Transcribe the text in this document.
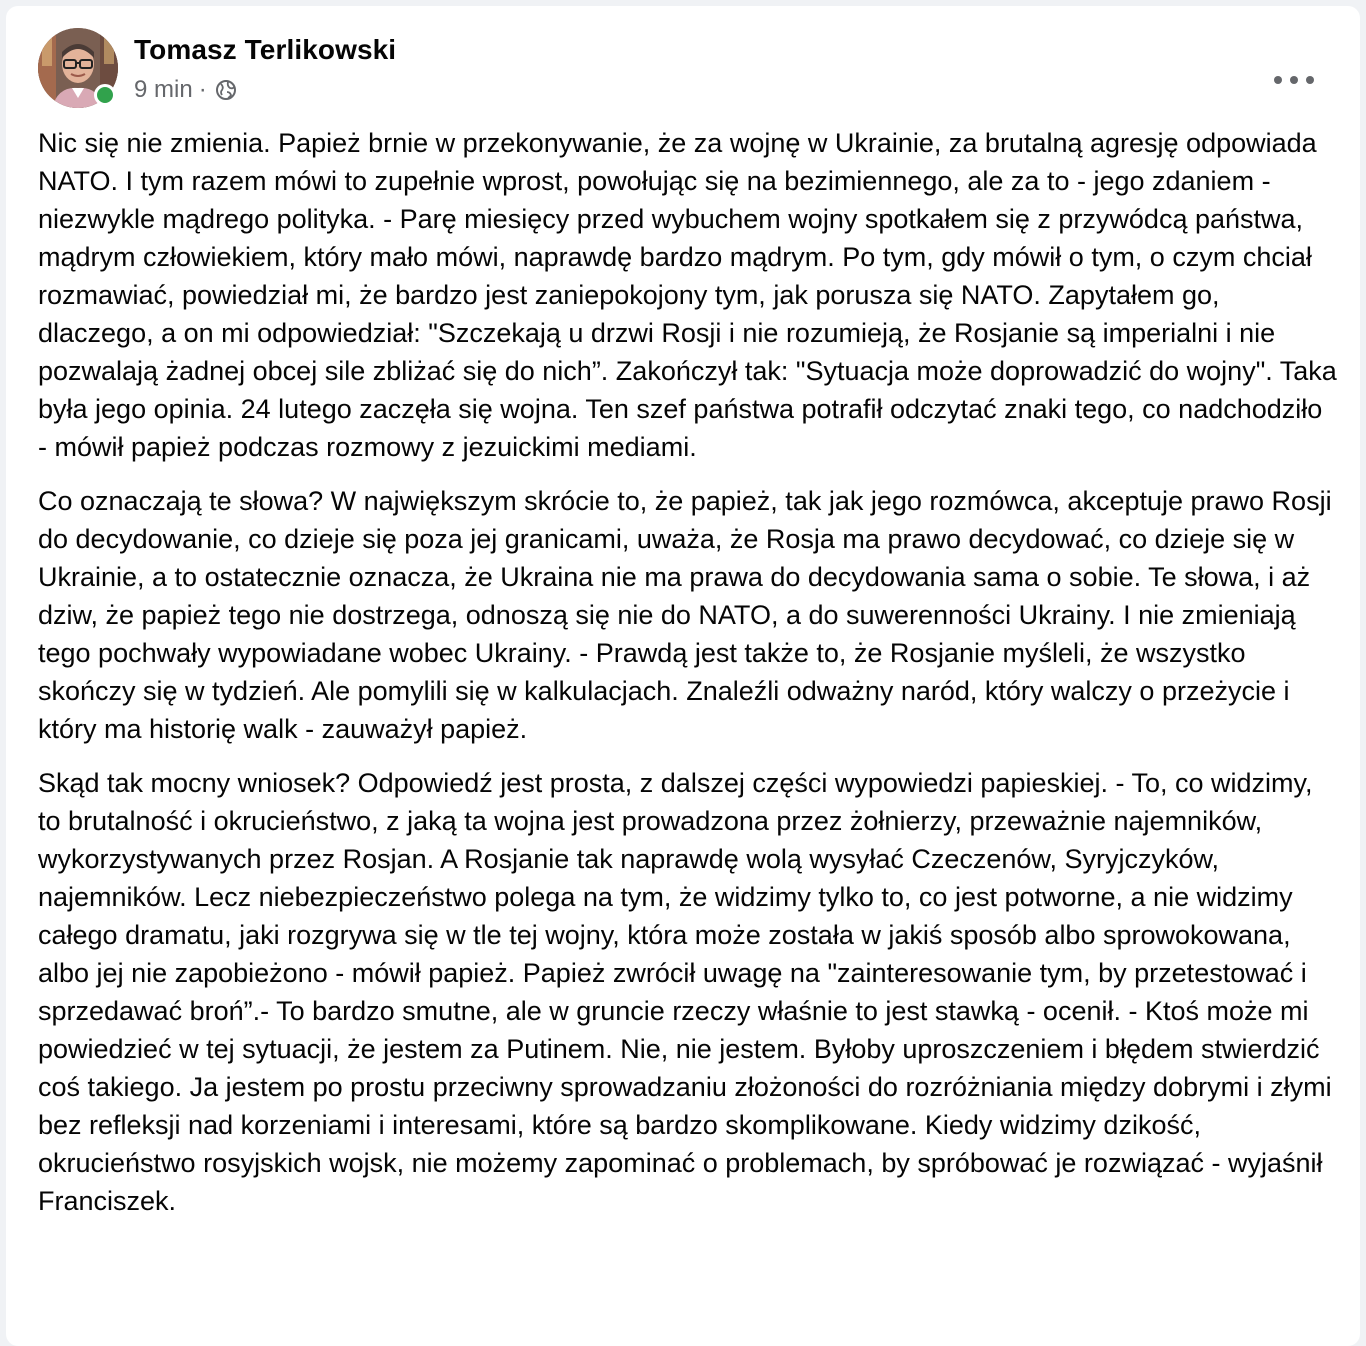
Tomasz Terlikowski
9 min ·

Nic się nie zmienia. Papież brnie w przekonywanie, że za wojnę w Ukrainie, za brutalną agresję odpowiada NATO. I tym razem mówi to zupełnie wprost, powołując się na bezimiennego, ale za to - jego zdaniem - niezwykle mądrego polityka. - Parę miesięcy przed wybuchem wojny spotkałem się z przywódcą państwa, mądrym człowiekiem, który mało mówi, naprawdę bardzo mądrym. Po tym, gdy mówił o tym, o czym chciał rozmawiać, powiedział mi, że bardzo jest zaniepokojony tym, jak porusza się NATO. Zapytałem go, dlaczego, a on mi odpowiedział: "Szczekają u drzwi Rosji i nie rozumieją, że Rosjanie są imperialni i nie pozwalają żadnej obcej sile zbliżać się do nich”. Zakończył tak: "Sytuacja może doprowadzić do wojny". Taka była jego opinia. 24 lutego zaczęła się wojna. Ten szef państwa potrafił odczytać znaki tego, co nadchodziło - mówił papież podczas rozmowy z jezuickimi mediami.

Co oznaczają te słowa? W największym skrócie to, że papież, tak jak jego rozmówca, akceptuje prawo Rosji do decydowanie, co dzieje się poza jej granicami, uważa, że Rosja ma prawo decydować, co dzieje się w Ukrainie, a to ostatecznie oznacza, że Ukraina nie ma prawa do decydowania sama o sobie. Te słowa, i aż dziw, że papież tego nie dostrzega, odnoszą się nie do NATO, a do suwerenności Ukrainy. I nie zmieniają tego pochwały wypowiadane wobec Ukrainy. - Prawdą jest także to, że Rosjanie myśleli, że wszystko skończy się w tydzień. Ale pomylili się w kalkulacjach. Znaleźli odważny naród, który walczy o przeżycie i który ma historię walk - zauważył papież.

Skąd tak mocny wniosek? Odpowiedź jest prosta, z dalszej części wypowiedzi papieskiej. - To, co widzimy, to brutalność i okrucieństwo, z jaką ta wojna jest prowadzona przez żołnierzy, przeważnie najemników, wykorzystywanych przez Rosjan. A Rosjanie tak naprawdę wolą wysyłać Czeczenów, Syryjczyków, najemników. Lecz niebezpieczeństwo polega na tym, że widzimy tylko to, co jest potworne, a nie widzimy całego dramatu, jaki rozgrywa się w tle tej wojny, która może została w jakiś sposób albo sprowokowana, albo jej nie zapobieżono - mówił papież. Papież zwrócił uwagę na "zainteresowanie tym, by przetestować i sprzedawać broń”.- To bardzo smutne, ale w gruncie rzeczy właśnie to jest stawką - ocenił. - Ktoś może mi powiedzieć w tej sytuacji, że jestem za Putinem. Nie, nie jestem. Byłoby uproszczeniem i błędem stwierdzić coś takiego. Ja jestem po prostu przeciwny sprowadzaniu złożoności do rozróżniania między dobrymi i złymi bez refleksji nad korzeniami i interesami, które są bardzo skomplikowane. Kiedy widzimy dzikość, okrucieństwo rosyjskich wojsk, nie możemy zapominać o problemach, by spróbować je rozwiązać - wyjaśnił Franciszek.
